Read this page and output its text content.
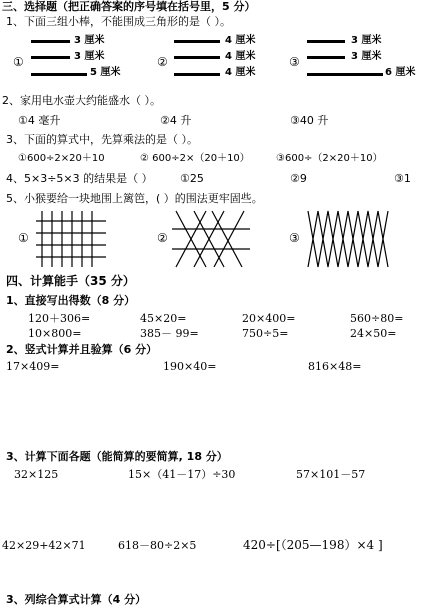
三、选择题（把正确答案的序号填在括号里，5 分）
1、下面三组小棒，不能围成三角形的是（ ）。
①
3 厘米
3 厘米
5 厘米
②
4 厘米
4 厘米
4 厘米
③
3 厘米
3 厘米
6 厘米
2、家用电水壶大约能盛水（ ）。
①4 毫升	②4 升	③40 升
3、下面的算式中，先算乘法的是（ ）。
①600÷2×20＋10	② 600÷2×（20＋10）	③600÷（2×20＋10）
4、5×3÷5×3 的结果是（ ） ①25	②9	③1
5、小猴要给一块地围上篱笆，( ）的围法更牢固些。
①	②	③
四、计算能手（35 分）
1、直接写出得数（8 分）
120＋306=	45×20=	20×400=	560÷80=
10×800=	385－ 99=	750÷5=	24×50=
2、竖式计算并且验算（6 分）
17×409=	190×40=	816×48=
3、计算下面各题（能简算的要简算, 18 分）
32×125	15×（41－17）÷30	57×101－57
42×29+42×71	618－80÷2×5	420÷[（205—198）×4 ]
3、列综合算式计算（4 分）
